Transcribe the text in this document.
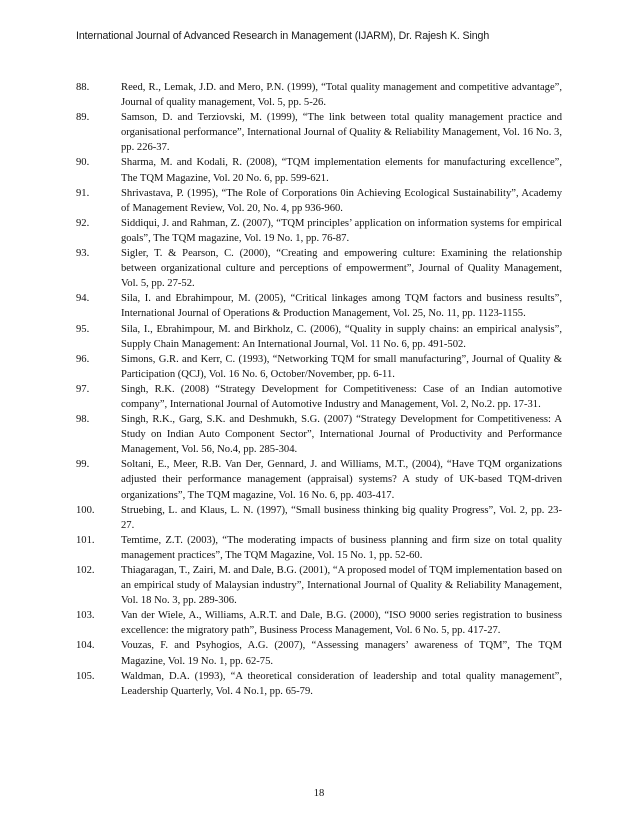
International Journal of Advanced Research in Management (IJARM), Dr. Rajesh K. Singh
88.	Reed, R., Lemak, J.D. and Mero, P.N. (1999), “Total quality management and competitive advantage”, Journal of quality management, Vol. 5, pp. 5-26.
89.	Samson, D. and Terziovski, M. (1999), “The link between total quality management practice and organisational performance”, International Journal of Quality & Reliability Management, Vol. 16 No. 3, pp. 226-37.
90.	Sharma, M. and Kodali, R. (2008), “TQM implementation elements for manufacturing excellence”, The TQM Magazine, Vol. 20 No. 6, pp. 599-621.
91.	Shrivastava, P. (1995), “The Role of Corporations 0in Achieving Ecological Sustainability”, Academy of Management Review, Vol. 20, No. 4, pp 936-960.
92.	Siddiqui, J. and Rahman, Z. (2007), “TQM principles’ application on information systems for empirical goals”, The TQM magazine, Vol. 19 No. 1, pp. 76-87.
93.	Sigler, T. & Pearson, C. (2000), “Creating and empowering culture: Examining the relationship between organizational culture and perceptions of empowerment”, Journal of Quality Management, Vol. 5, pp. 27-52.
94.	Sila, I. and Ebrahimpour, M. (2005), “Critical linkages among TQM factors and business results”, International Journal of Operations & Production Management, Vol. 25, No. 11, pp. 1123-1155.
95.	Sila, I., Ebrahimpour, M. and Birkholz, C. (2006), “Quality in supply chains: an empirical analysis”, Supply Chain Management: An International Journal, Vol. 11 No. 6, pp. 491-502.
96.	Simons, G.R. and Kerr, C. (1993), “Networking TQM for small manufacturing”, Journal of Quality & Participation (QCJ), Vol. 16 No. 6, October/November, pp. 6-11.
97.	Singh, R.K. (2008) “Strategy Development for Competitiveness: Case of an Indian automotive company”, International Journal of Automotive Industry and Management, Vol. 2, No.2. pp. 17-31.
98.	Singh, R.K., Garg, S.K. and Deshmukh, S.G. (2007) “Strategy Development for Competitiveness: A Study on Indian Auto Component Sector”, International Journal of Productivity and Performance Management, Vol. 56, No.4, pp. 285-304.
99.	Soltani, E., Meer, R.B. Van Der, Gennard, J. and Williams, M.T., (2004), “Have TQM organizations adjusted their performance management (appraisal) systems? A study of UK-based TQM-driven organizations”, The TQM magazine, Vol. 16 No. 6, pp. 403-417.
100.	Struebing, L. and Klaus, L. N. (1997), “Small business thinking big quality Progress”, Vol. 2, pp. 23-27.
101.	Temtime, Z.T. (2003), “The moderating impacts of business planning and firm size on total quality management practices”, The TQM Magazine, Vol. 15 No. 1, pp. 52-60.
102.	Thiagaragan, T., Zairi, M. and Dale, B.G. (2001), “A proposed model of TQM implementation based on an empirical study of Malaysian industry”, International Journal of Quality & Reliability Management, Vol. 18 No. 3, pp. 289-306.
103.	Van der Wiele, A., Williams, A.R.T. and Dale, B.G. (2000), “ISO 9000 series registration to business excellence: the migratory path”, Business Process Management, Vol. 6 No. 5, pp. 417-27.
104.	Vouzas, F. and Psyhogios, A.G. (2007), “Assessing managers’ awareness of TQM”, The TQM Magazine, Vol. 19 No. 1, pp. 62-75.
105.	Waldman, D.A. (1993), “A theoretical consideration of leadership and total quality management”, Leadership Quarterly, Vol. 4 No.1, pp. 65-79.
18
